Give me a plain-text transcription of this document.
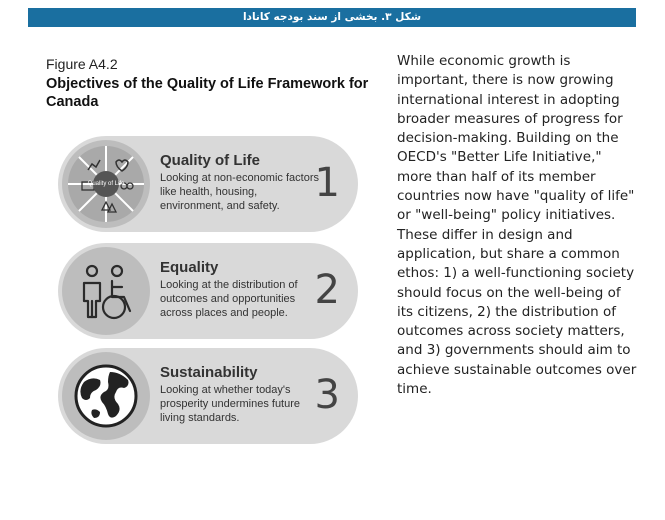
شکل ۳. بخشی از سند بودجه کانادا
Figure A4.2
Objectives of the Quality of Life Framework for Canada
Quality of Life
Quality of Life
Looking at non-economic factors like health, housing, environment, and safety. 1
Equality
Looking at the distribution of outcomes and opportunities across places and people. 2
Sustainability
Looking at whether today's prosperity undermines future living standards.	3
While economic growth is important, there is now growing international interest in adopting broader measures of progress for decision-making. Building on the OECD's "Better Life Initiative," more than half of its member countries now have "quality of life" or "well-being" policy initiatives. These differ in design and application, but share a common ethos: 1) a well-functioning society should focus on the well-being of its citizens, 2) the distribution of outcomes across society matters, and 3) governments should aim to achieve sustainable outcomes over time.
